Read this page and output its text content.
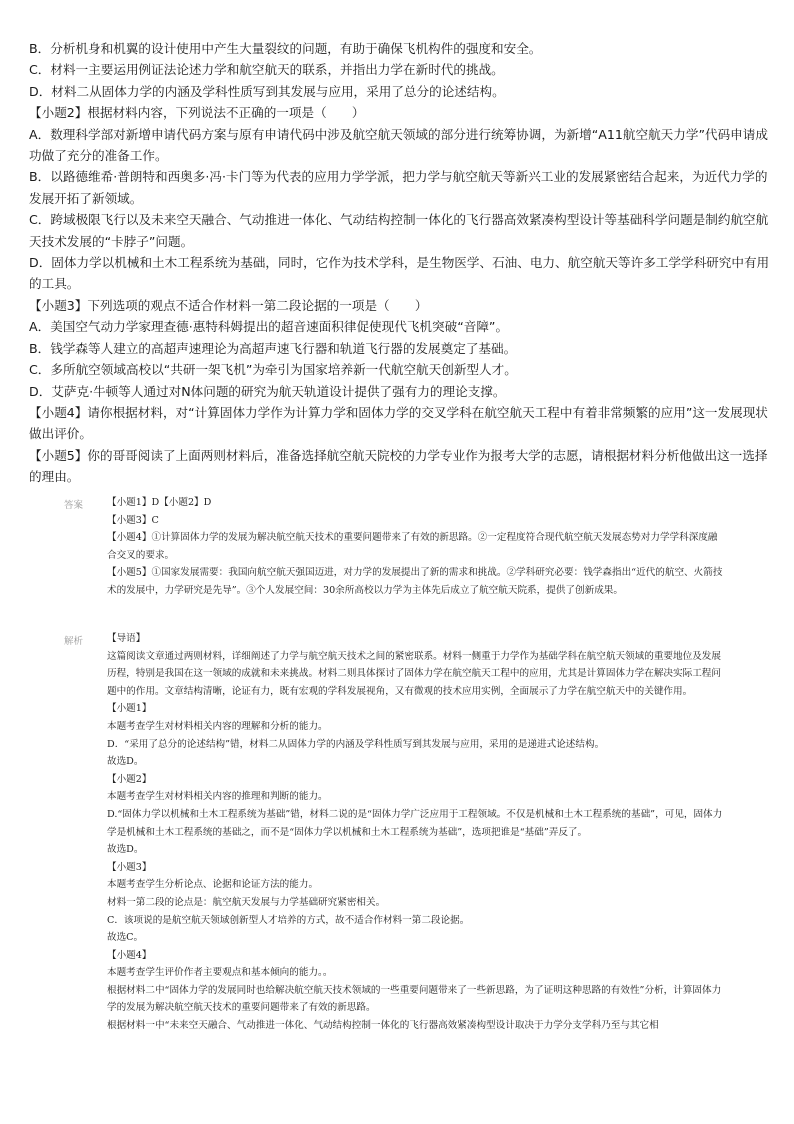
B．分析机身和机翼的设计使用中产生大量裂纹的问题，有助于确保飞机构件的强度和安全。

C．材料一主要运用例证法论述力学和航空航天的联系，并指出力学在新时代的挑战。

D．材料二从固体力学的内涵及学科性质写到其发展与应用，采用了总分的论述结构。

【小题2】根据材料内容，下列说法不正确的一项是（　　）

A．数理科学部对新增申请代码方案与原有申请代码中涉及航空航天领域的部分进行统筹协调，为新增“A11航空航天力学”代码申请成功做了充分的准备工作。

B．以路德维希·普朗特和西奥多·冯·卡门等为代表的应用力学学派，把力学与航空航天等新兴工业的发展紧密结合起来，为近代力学的发展开拓了新领域。

C．跨域极限飞行以及未来空天融合、气动推进一体化、气动结构控制一体化的飞行器高效紧凑构型设计等基础科学问题是制约航空航天技术发展的“卡脖子”问题。

D．固体力学以机械和土木工程系统为基础，同时，它作为技术学科，是生物医学、石油、电力、航空航天等许多工学学科研究中有用的工具。

【小题3】下列选项的观点不适合作材料一第二段论据的一项是（　　）

A．美国空气动力学家理查德·惠特科姆提出的超音速面积律促使现代飞机突破“音障”。

B．钱学森等人建立的高超声速理论为高超声速飞行器和轨道飞行器的发展奠定了基础。

C．多所航空领域高校以“共研一架飞机”为牵引为国家培养新一代航空航天创新型人才。

D．艾萨克·牛顿等人通过对N体问题的研究为航天轨道设计提供了强有力的理论支撑。

【小题4】请你根据材料，对“计算固体力学作为计算力学和固体力学的交叉学科在航空航天工程中有着非常频繁的应用”这一发展现状做出评价。

【小题5】你的哥哥阅读了上面两则材料后，准备选择航空航天院校的力学专业作为报考大学的志愿，请根据材料分析他做出这一选择的理由。

答案 【小题1】D【小题2】D

【小题3】C

【小题4】①计算固体力学的发展为解决航空航天技术的重要问题带来了有效的新思路。②一定程度符合现代航空航天发展态势对力学学科深度融合交叉的要求。

【小题5】①国家发展需要：我国向航空航天强国迈进，对力学的发展提出了新的需求和挑战。②学科研究必要：钱学森指出“近代的航空、火箭技术的发展中，力学研究是先导”。③个人发展空间：30余所高校以力学为主体先后成立了航空航天院系，提供了创新成果。

解析 【导语】

这篇阅读文章通过两则材料，详细阐述了力学与航空航天技术之间的紧密联系。材料一侧重于力学作为基础学科在航空航天领域的重要地位及发展历程，特别是我国在这一领域的成就和未来挑战。材料二则具体探讨了固体力学在航空航天工程中的应用，尤其是计算固体力学在解决实际工程问题中的作用。文章结构清晰，论证有力，既有宏观的学科发展视角，又有微观的技术应用实例，全面展示了力学在航空航天中的关键作用。

【小题1】

本题考查学生对材料相关内容的理解和分析的能力。

D．“采用了总分的论述结构”错，材料二从固体力学的内涵及学科性质写到其发展与应用，采用的是递进式论述结构。

故选D。

【小题2】

本题考查学生对材料相关内容的推理和判断的能力。

D.“固体力学以机械和土木工程系统为基础”错，材料二说的是“固体力学广泛应用于工程领域。不仅是机械和土木工程系统的基础”，可见，固体力学是机械和土木工程系统的基础之，而不是“固体力学以机械和土木工程系统为基础”，选项把谁是“基础”弄反了。

故选D。

【小题3】

本题考查学生分析论点、论据和论证方法的能力。

材料一第二段的论点是：航空航天发展与力学基础研究紧密相关。

C．该项说的是航空航天领域创新型人才培养的方式，故不适合作材料一第二段论据。

故选C。

【小题4】

本题考查学生评价作者主要观点和基本倾向的能力。。

根据材料二中“固体力学的发展同时也给解决航空航天技术领域的一些重要问题带来了一些新思路，为了证明这种思路的有效性”分析，计算固体力学的发展为解决航空航天技术的重要问题带来了有效的新思路。

根据材料一中“未来空天融合、气动推进一体化、气动结构控制一体化的飞行器高效紧凑构型设计取决于力学分支学科乃至与其它相
